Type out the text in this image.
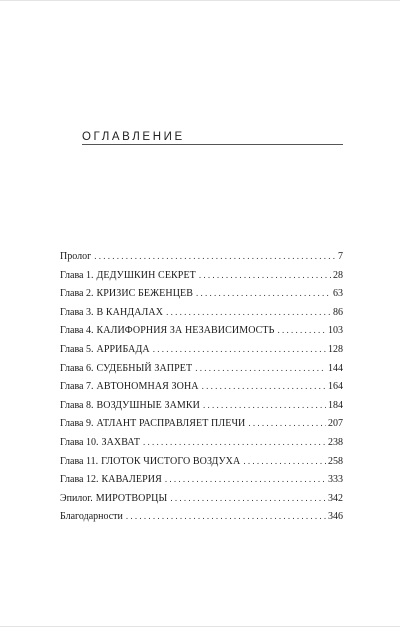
ОГЛАВЛЕНИЕ
Пролог . . .	7
Глава 1. ДЕДУШКИН СЕКРЕТ . . .	28
Глава 2. КРИЗИС БЕЖЕНЦЕВ . . .	63
Глава 3. В КАНДАЛАХ . . .	86
Глава 4. КАЛИФОРНИЯ ЗА НЕЗАВИСИМОСТЬ . . .	103
Глава 5. АРРИБАДА . . .	128
Глава 6. СУДЕБНЫЙ ЗАПРЕТ . . .	144
Глава 7. АВТОНОМНАЯ ЗОНА . . .	164
Глава 8. ВОЗДУШНЫЕ ЗАМКИ . . .	184
Глава 9. АТЛАНТ РАСПРАВЛЯЕТ ПЛЕЧИ . . .	207
Глава 10. ЗАХВАТ . . .	238
Глава 11. ГЛОТОК ЧИСТОГО ВОЗДУХА . . .	258
Глава 12. КАВАЛЕРИЯ . . .	333
Эпилог. МИРОТВОРЦЫ . . .	342
Благодарности . . .	346
